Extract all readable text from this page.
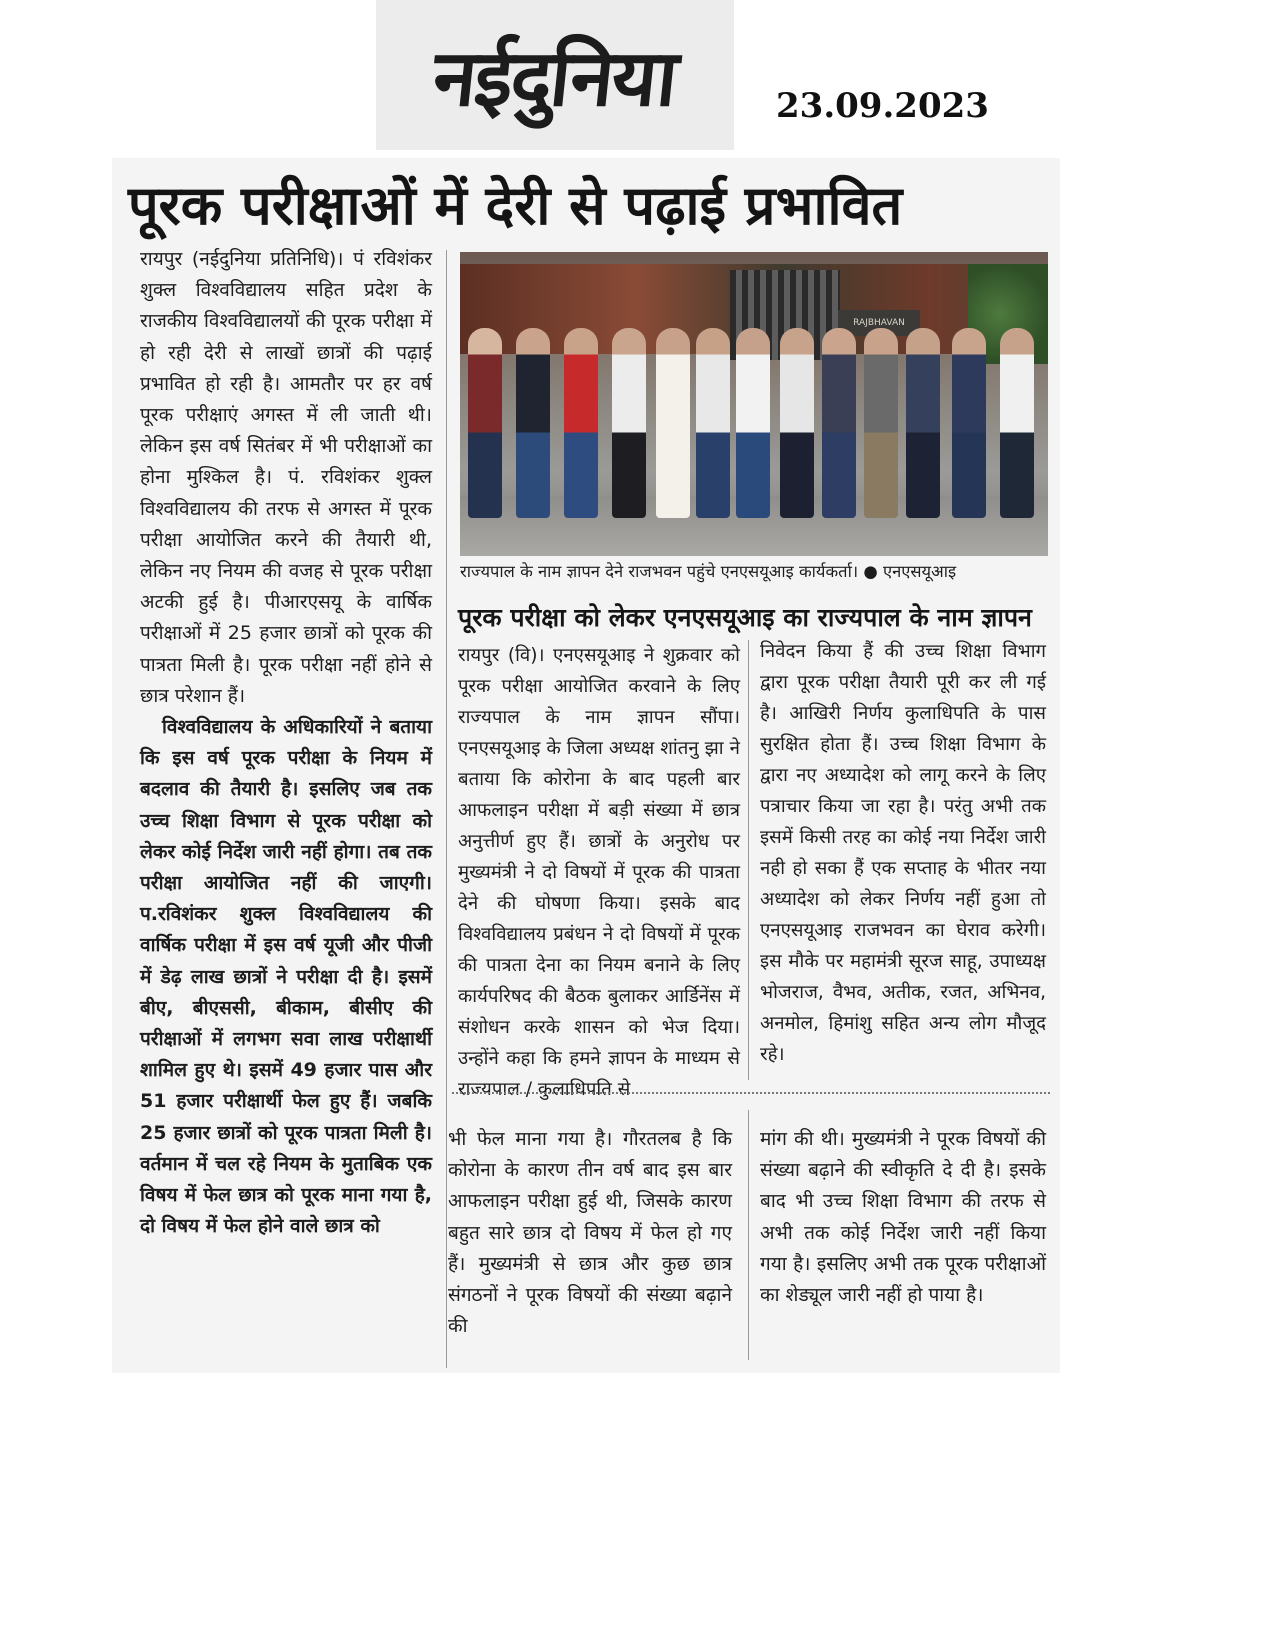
नईदुनिया	23.09.2023
पूरक परीक्षाओं में देरी से पढ़ाई प्रभावित

रायपुर (नईदुनिया प्रतिनिधि)। पं रविशंकर शुक्ल विश्वविद्यालय सहित प्रदेश के राजकीय विश्वविद्यालयों की पूरक परीक्षा में हो रही देरी से लाखों छात्रों की पढ़ाई प्रभावित हो रही है। आमतौर पर हर वर्ष पूरक परीक्षाएं अगस्त में ली जाती थी। लेकिन इस वर्ष सितंबर में भी परीक्षाओं का होना मुश्किल है। पं. रविशंकर शुक्ल विश्वविद्यालय की तरफ से अगस्त में पूरक परीक्षा आयोजित करने की तैयारी थी, लेकिन नए नियम की वजह से पूरक परीक्षा अटकी हुई है। पीआरएसयू के वार्षिक परीक्षाओं में 25 हजार छात्रों को पूरक की पात्रता मिली है। पूरक परीक्षा नहीं होने से छात्र परेशान हैं।

विश्वविद्यालय के अधिकारियों ने बताया कि इस वर्ष पूरक परीक्षा के नियम में बदलाव की तैयारी है। इसलिए जब तक उच्च शिक्षा विभाग से पूरक परीक्षा को लेकर कोई निर्देश जारी नहीं होगा। तब तक परीक्षा आयोजित नहीं की जाएगी। प.रविशंकर शुक्ल विश्वविद्यालय की वार्षिक परीक्षा में इस वर्ष यूजी और पीजी में डेढ़ लाख छात्रों ने परीक्षा दी है। इसमें बीए, बीएससी, बीकाम, बीसीए की परीक्षाओं में लगभग सवा लाख परीक्षार्थी शामिल हुए थे। इसमें 49 हजार पास और 51 हजार परीक्षार्थी फेल हुए हैं। जबकि 25 हजार छात्रों को पूरक पात्रता मिली है। वर्तमान में चल रहे नियम के मुताबिक एक विषय में फेल छात्र को पूरक माना गया है, दो विषय में फेल होने वाले छात्र को

RAJBHAVAN
राज्यपाल के नाम ज्ञापन देने राजभवन पहुंचे एनएसयूआइ कार्यकर्ता। ● एनएसयूआइ
पूरक परीक्षा को लेकर एनएसयूआइ का राज्यपाल के नाम ज्ञापन

रायपुर (वि)। एनएसयूआइ ने शुक्रवार को पूरक परीक्षा आयोजित करवाने के लिए राज्यपाल के नाम ज्ञापन सौंपा। एनएसयूआइ के जिला अध्यक्ष शांतनु झा ने बताया कि कोरोना के बाद पहली बार आफलाइन परीक्षा में बड़ी संख्या में छात्र अनुत्तीर्ण हुए हैं। छात्रों के अनुरोध पर मुख्यमंत्री ने दो विषयों में पूरक की पात्रता देने की घोषणा किया। इसके बाद विश्वविद्यालय प्रबंधन ने दो विषयों में पूरक की पात्रता देना का नियम बनाने के लिए कार्यपरिषद की बैठक बुलाकर आर्डिनेंस में संशोधन करके शासन को भेज दिया। उन्होंने कहा कि हमने ज्ञापन के माध्यम से राज्यपाल / कुलाधिपति से

निवेदन किया हैं की उच्च शिक्षा विभाग द्वारा पूरक परीक्षा तैयारी पूरी कर ली गई है। आखिरी निर्णय कुलाधिपति के पास सुरक्षित होता हैं। उच्च शिक्षा विभाग के द्वारा नए अध्यादेश को लागू करने के लिए पत्राचार किया जा रहा है। परंतु अभी तक इसमें किसी तरह का कोई नया निर्देश जारी नही हो सका हैं एक सप्ताह के भीतर नया अध्यादेश को लेकर निर्णय नहीं हुआ तो एनएसयूआइ राजभवन का घेराव करेगी। इस मौके पर महामंत्री सूरज साहू, उपाध्यक्ष भोजराज, वैभव, अतीक, रजत, अभिनव, अनमोल, हिमांशु सहित अन्य लोग मौजूद रहे।

भी फेल माना गया है। गौरतलब है कि कोरोना के कारण तीन वर्ष बाद इस बार आफलाइन परीक्षा हुई थी, जिसके कारण बहुत सारे छात्र दो विषय में फेल हो गए हैं। मुख्यमंत्री से छात्र और कुछ छात्र संगठनों ने पूरक विषयों की संख्या बढ़ाने की

मांग की थी। मुख्यमंत्री ने पूरक विषयों की संख्या बढ़ाने की स्वीकृति दे दी है। इसके बाद भी उच्च शिक्षा विभाग की तरफ से अभी तक कोई निर्देश जारी नहीं किया गया है। इसलिए अभी तक पूरक परीक्षाओं का शेड्यूल जारी नहीं हो पाया है।
